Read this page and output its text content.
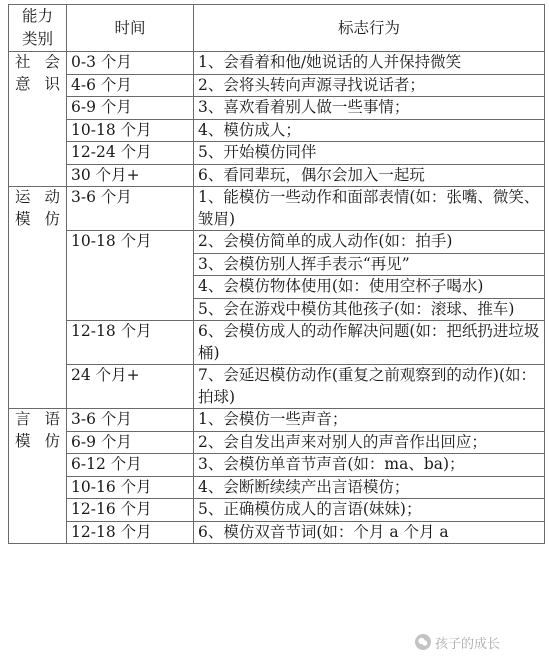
能力
类别	时间	标志行为

社 会
意识	0-3 个月	1、会看着和他/她说话的人并保持微笑
	4-6 个月	2、会将头转向声源寻找说话者；
	6-9 个月	3、喜欢看着别人做一些事情；
	10-18 个月	4、模仿成人；
	12-24 个月	5、开始模仿同伴
	30 个月+	6、看同辈玩，偶尔会加入一起玩

运 动
模仿	3-6 个月	1、能模仿一些动作和面部表情(如：张嘴、微笑、皱眉)
	10-18 个月	2、会模仿简单的成人动作(如：拍手)
		3、会模仿别人挥手表示“再见”
		4、会模仿物体使用(如：使用空杯子喝水)
		5、会在游戏中模仿其他孩子(如：滚球、推车)
	12-18 个月	6、会模仿成人的动作解决问题(如：把纸扔进垃圾桶)
	24 个月+	7、会延迟模仿动作(重复之前观察到的动作)(如：拍球)

言 语
模仿	3-6 个月	1、会模仿一些声音；
	6-9 个月	2、会自发出声来对别人的声音作出回应；
	6-12 个月	3、会模仿单音节声音(如：ma、ba)；
	10-16 个月	4、会断断续续产出言语模仿；
	12-16 个月	5、正确模仿成人的言语(妹妹)；
	12-18 个月	6、模仿双音节词(如：个月 a 个月 a
孩子的成长
